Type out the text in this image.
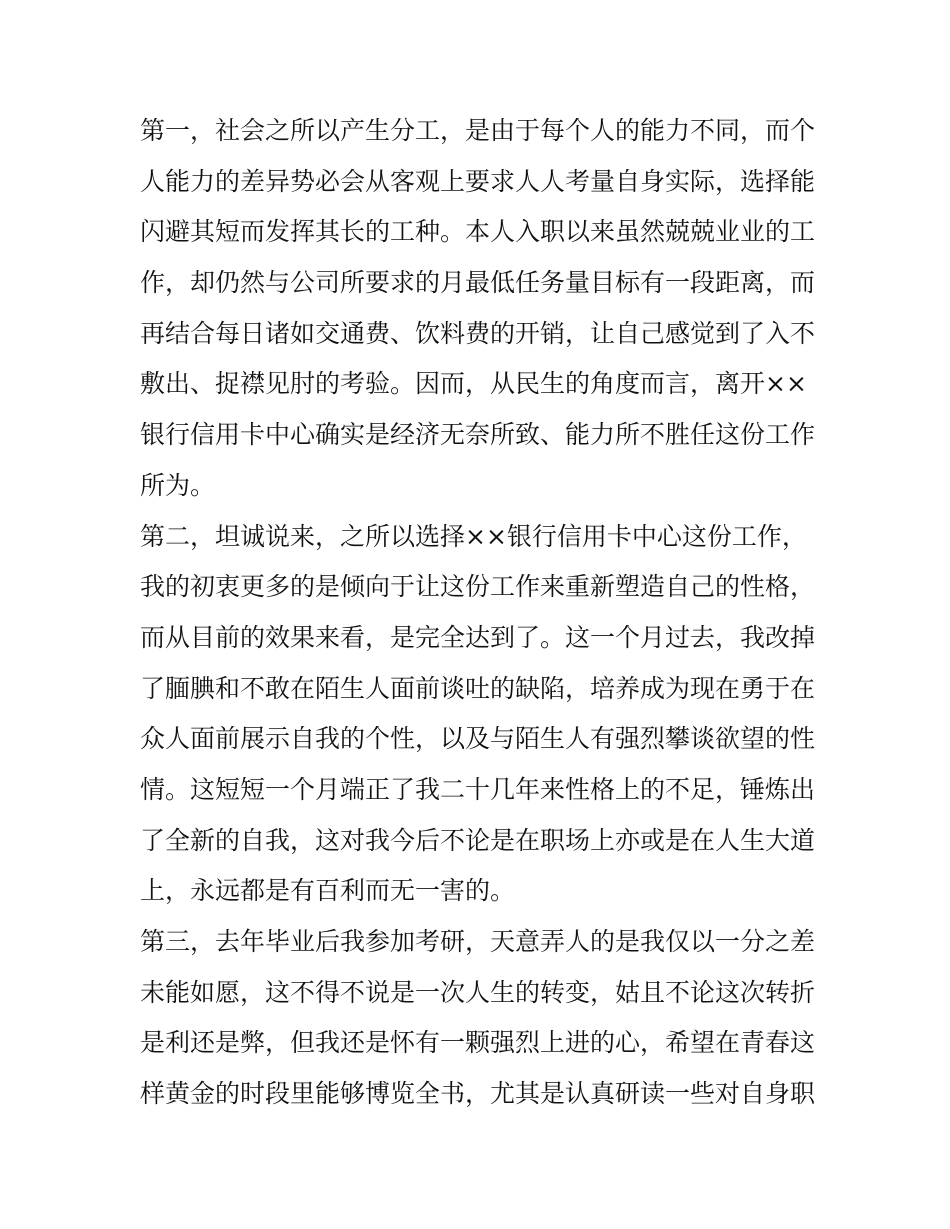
第一，社会之所以产生分工，是由于每个人的能力不同，而个
人能力的差异势必会从客观上要求人人考量自身实际，选择能
闪避其短而发挥其长的工种。本人入职以来虽然兢兢业业的工
作，却仍然与公司所要求的月最低任务量目标有一段距离，而
再结合每日诸如交通费、饮料费的开销，让自己感觉到了入不
敷出、捉襟见肘的考验。因而，从民生的角度而言，离开××
银行信用卡中心确实是经济无奈所致、能力所不胜任这份工作
所为。
第二，坦诚说来，之所以选择××银行信用卡中心这份工作，
我的初衷更多的是倾向于让这份工作来重新塑造自己的性格，
而从目前的效果来看，是完全达到了。这一个月过去，我改掉
了腼腆和不敢在陌生人面前谈吐的缺陷，培养成为现在勇于在
众人面前展示自我的个性，以及与陌生人有强烈攀谈欲望的性
情。这短短一个月端正了我二十几年来性格上的不足，锤炼出
了全新的自我，这对我今后不论是在职场上亦或是在人生大道
上，永远都是有百利而无一害的。
第三，去年毕业后我参加考研，天意弄人的是我仅以一分之差
未能如愿，这不得不说是一次人生的转变，姑且不论这次转折
是利还是弊，但我还是怀有一颗强烈上进的心，希望在青春这
样黄金的时段里能够博览全书，尤其是认真研读一些对自身职
